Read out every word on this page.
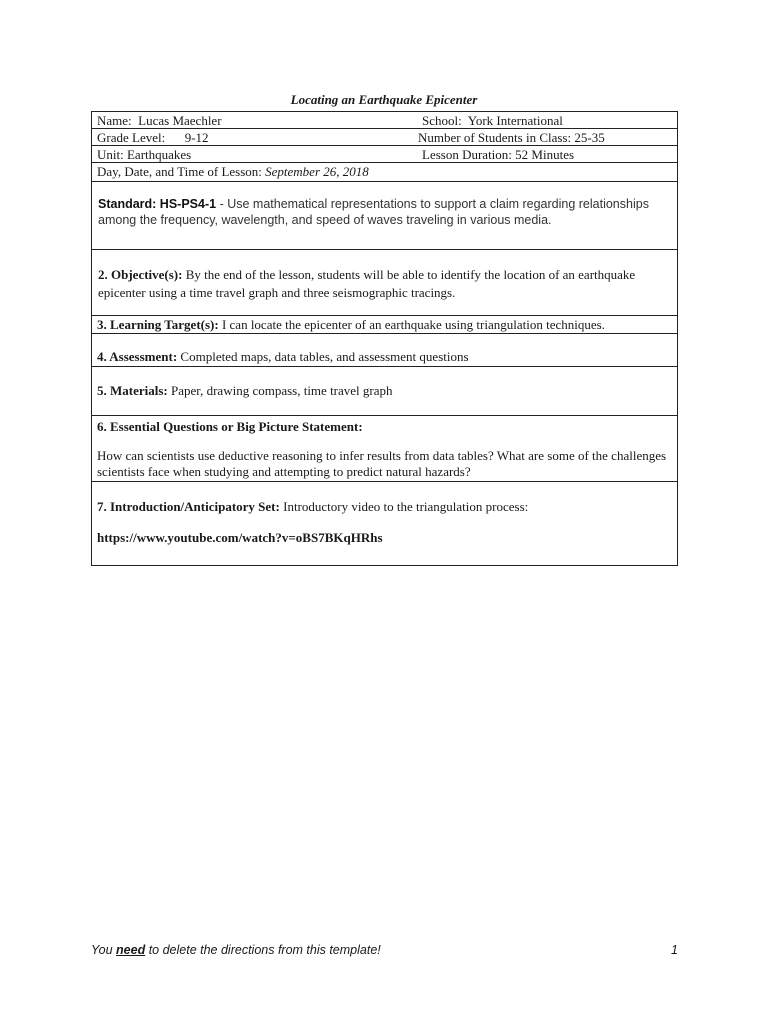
Locating an Earthquake Epicenter
Name: Lucas Maechler	School: York International
Grade Level: 9-12	Number of Students in Class: 25-35
Unit: Earthquakes	Lesson Duration: 52 Minutes
Day, Date, and Time of Lesson: September 26, 2018
Standard: HS-PS4-1 - Use mathematical representations to support a claim regarding relationships among the frequency, wavelength, and speed of waves traveling in various media.
2. Objective(s): By the end of the lesson, students will be able to identify the location of an earthquake epicenter using a time travel graph and three seismographic tracings.
3. Learning Target(s): I can locate the epicenter of an earthquake using triangulation techniques.
4. Assessment: Completed maps, data tables, and assessment questions
5. Materials: Paper, drawing compass, time travel graph
6. Essential Questions or Big Picture Statement:
How can scientists use deductive reasoning to infer results from data tables? What are some of the challenges scientists face when studying and attempting to predict natural hazards?
7. Introduction/Anticipatory Set: Introductory video to the triangulation process:
https://www.youtube.com/watch?v=oBS7BKqHRhs
You need to delete the directions from this template!	1
